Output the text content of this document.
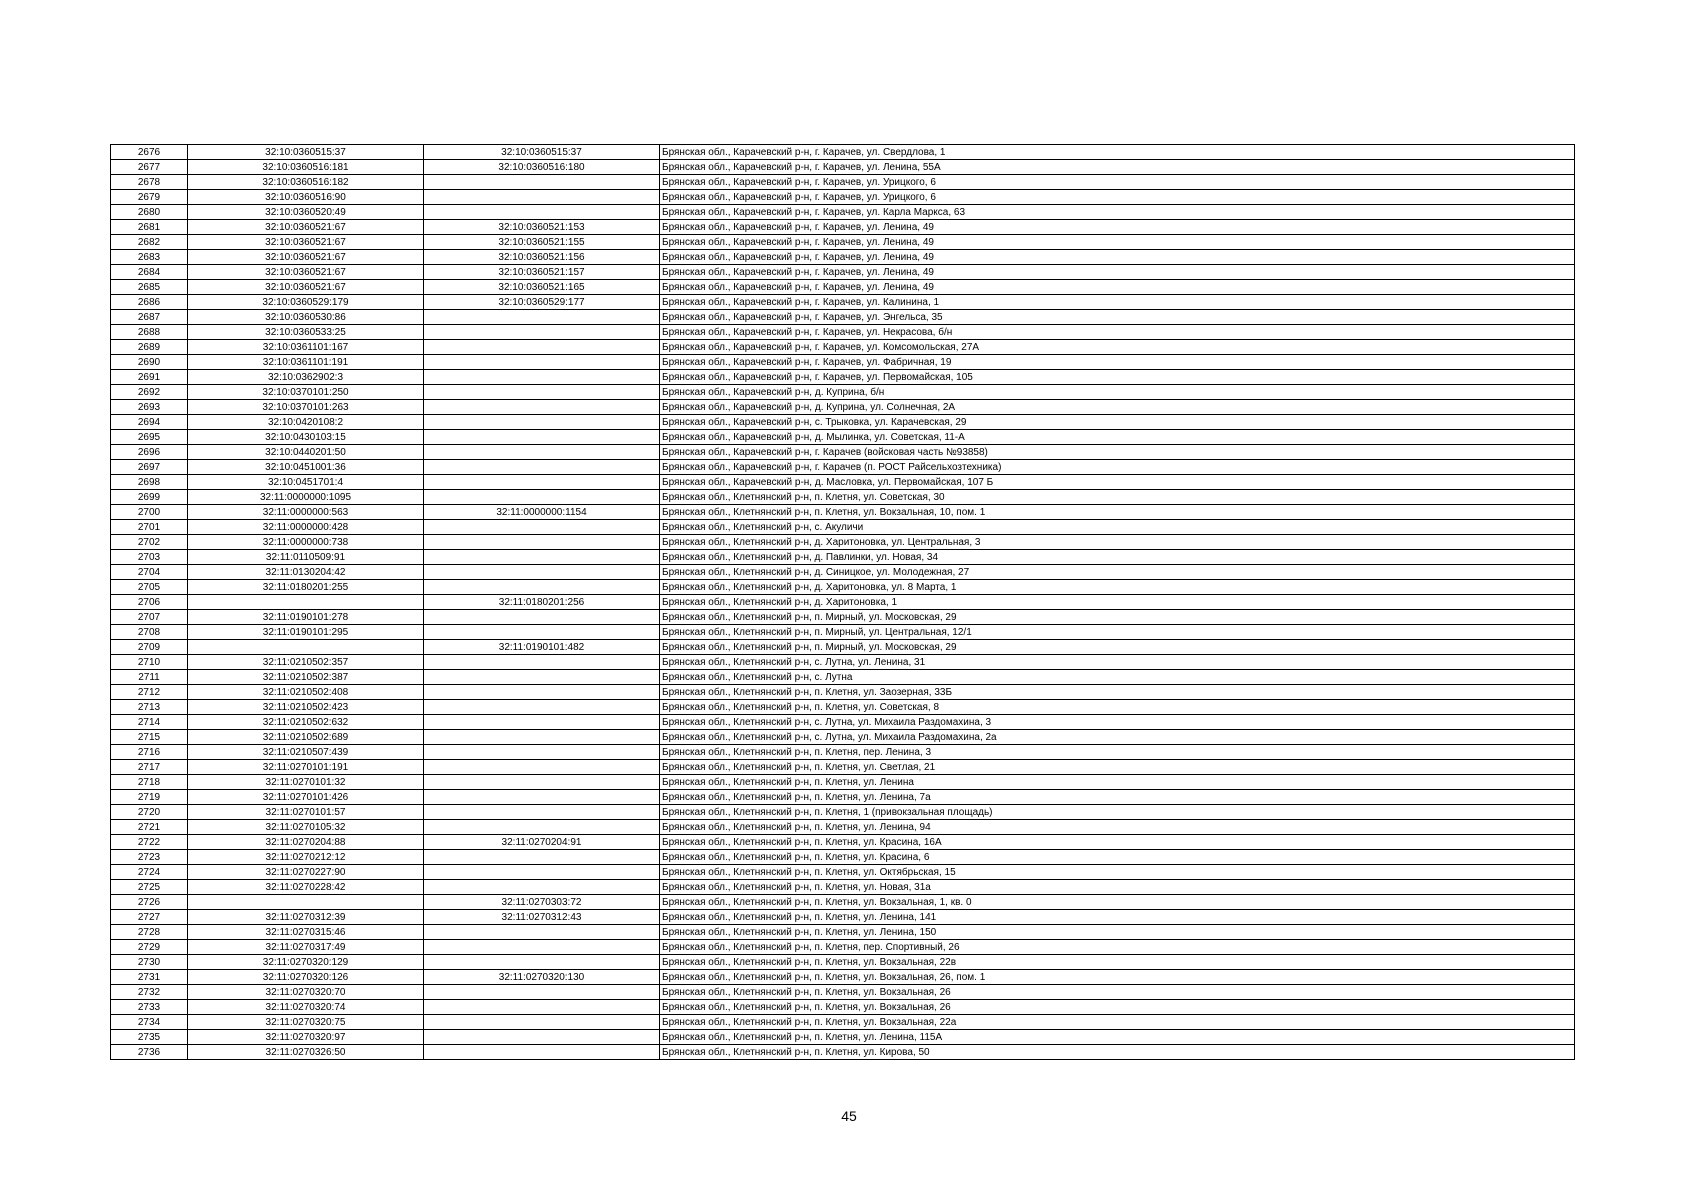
2676	32:10:0360515:37	32:10:0360515:37	Брянская обл., Карачевский р-н, г. Карачев, ул. Свердлова, 1
2677	32:10:0360516:181	32:10:0360516:180	Брянская обл., Карачевский р-н, г. Карачев, ул. Ленина, 55А
2678	32:10:0360516:182		Брянская обл., Карачевский р-н, г. Карачев, ул. Урицкого, 6
2679	32:10:0360516:90		Брянская обл., Карачевский р-н, г. Карачев, ул. Урицкого, 6
2680	32:10:0360520:49		Брянская обл., Карачевский р-н, г. Карачев, ул. Карла Маркса, 63
2681	32:10:0360521:67	32:10:0360521:153	Брянская обл., Карачевский р-н, г. Карачев, ул. Ленина, 49
2682	32:10:0360521:67	32:10:0360521:155	Брянская обл., Карачевский р-н, г. Карачев, ул. Ленина, 49
2683	32:10:0360521:67	32:10:0360521:156	Брянская обл., Карачевский р-н, г. Карачев, ул. Ленина, 49
2684	32:10:0360521:67	32:10:0360521:157	Брянская обл., Карачевский р-н, г. Карачев, ул. Ленина, 49
2685	32:10:0360521:67	32:10:0360521:165	Брянская обл., Карачевский р-н, г. Карачев, ул. Ленина, 49
2686	32:10:0360529:179	32:10:0360529:177	Брянская обл., Карачевский р-н, г. Карачев, ул. Калинина, 1
2687	32:10:0360530:86		Брянская обл., Карачевский р-н, г. Карачев, ул. Энгельса, 35
2688	32:10:0360533:25		Брянская обл., Карачевский р-н, г. Карачев, ул. Некрасова, б/н
2689	32:10:0361101:167		Брянская обл., Карачевский р-н, г. Карачев, ул. Комсомольская, 27А
2690	32:10:0361101:191		Брянская обл., Карачевский р-н, г. Карачев, ул. Фабричная, 19
2691	32:10:0362902:3		Брянская обл., Карачевский р-н, г. Карачев, ул. Первомайская, 105
2692	32:10:0370101:250		Брянская обл., Карачевский р-н, д. Куприна, б/н
2693	32:10:0370101:263		Брянская обл., Карачевский р-н, д. Куприна, ул. Солнечная, 2А
2694	32:10:0420108:2		Брянская обл., Карачевский р-н, с. Трыковка, ул. Карачевская, 29
2695	32:10:0430103:15		Брянская обл., Карачевский р-н, д. Мылинка, ул. Советская, 11-А
2696	32:10:0440201:50		Брянская обл., Карачевский р-н, г. Карачев (войсковая часть №93858)
2697	32:10:0451001:36		Брянская обл., Карачевский р-н, г. Карачев (п. РОСТ Райсельхозтехника)
2698	32:10:0451701:4		Брянская обл., Карачевский р-н, д. Масловка, ул. Первомайская, 107 Б
2699	32:11:0000000:1095		Брянская обл., Клетнянский р-н, п. Клетня, ул. Советская, 30
2700	32:11:0000000:563	32:11:0000000:1154	Брянская обл., Клетнянский р-н, п. Клетня, ул. Вокзальная, 10, пом. 1
2701	32:11:0000000:428		Брянская обл., Клетнянский р-н, с. Акуличи
2702	32:11:0000000:738		Брянская обл., Клетнянский р-н, д. Харитоновка, ул. Центральная, 3
2703	32:11:0110509:91		Брянская обл., Клетнянский р-н, д. Павлинки, ул. Новая, 34
2704	32:11:0130204:42		Брянская обл., Клетнянский р-н, д. Синицкое, ул. Молодежная, 27
2705	32:11:0180201:255		Брянская обл., Клетнянский р-н, д. Харитоновка, ул. 8 Марта, 1
2706		32:11:0180201:256	Брянская обл., Клетнянский р-н, д. Харитоновка, 1
2707	32:11:0190101:278		Брянская обл., Клетнянский р-н, п. Мирный, ул. Московская, 29
2708	32:11:0190101:295		Брянская обл., Клетнянский р-н, п. Мирный, ул. Центральная, 12/1
2709		32:11:0190101:482	Брянская обл., Клетнянский р-н, п. Мирный, ул. Московская, 29
2710	32:11:0210502:357		Брянская обл., Клетнянский р-н, с. Лутна, ул. Ленина, 31
2711	32:11:0210502:387		Брянская обл., Клетнянский р-н, с. Лутна
2712	32:11:0210502:408		Брянская обл., Клетнянский р-н, п. Клетня, ул. Заозерная, 33Б
2713	32:11:0210502:423		Брянская обл., Клетнянский р-н, п. Клетня, ул. Советская, 8
2714	32:11:0210502:632		Брянская обл., Клетнянский р-н, с. Лутна, ул. Михаила Раздомахина, 3
2715	32:11:0210502:689		Брянская обл., Клетнянский р-н, с. Лутна, ул. Михаила Раздомахина, 2а
2716	32:11:0210507:439		Брянская обл., Клетнянский р-н, п. Клетня, пер. Ленина, 3
2717	32:11:0270101:191		Брянская обл., Клетнянский р-н, п. Клетня, ул. Светлая, 21
2718	32:11:0270101:32		Брянская обл., Клетнянский р-н, п. Клетня, ул. Ленина
2719	32:11:0270101:426		Брянская обл., Клетнянский р-н, п. Клетня, ул. Ленина, 7а
2720	32:11:0270101:57		Брянская обл., Клетнянский р-н, п. Клетня, 1 (привокзальная площадь)
2721	32:11:0270105:32		Брянская обл., Клетнянский р-н, п. Клетня, ул. Ленина, 94
2722	32:11:0270204:88	32:11:0270204:91	Брянская обл., Клетнянский р-н, п. Клетня, ул. Красина, 16А
2723	32:11:0270212:12		Брянская обл., Клетнянский р-н, п. Клетня, ул. Красина, 6
2724	32:11:0270227:90		Брянская обл., Клетнянский р-н, п. Клетня, ул. Октябрьская, 15
2725	32:11:0270228:42		Брянская обл., Клетнянский р-н, п. Клетня, ул. Новая, 31а
2726		32:11:0270303:72	Брянская обл., Клетнянский р-н, п. Клетня, ул. Вокзальная, 1, кв. 0
2727	32:11:0270312:39	32:11:0270312:43	Брянская обл., Клетнянский р-н, п. Клетня, ул. Ленина, 141
2728	32:11:0270315:46		Брянская обл., Клетнянский р-н, п. Клетня, ул. Ленина, 150
2729	32:11:0270317:49		Брянская обл., Клетнянский р-н, п. Клетня, пер. Спортивный, 26
2730	32:11:0270320:129		Брянская обл., Клетнянский р-н, п. Клетня, ул. Вокзальная, 22в
2731	32:11:0270320:126	32:11:0270320:130	Брянская обл., Клетнянский р-н, п. Клетня, ул. Вокзальная, 26, пом. 1
2732	32:11:0270320:70		Брянская обл., Клетнянский р-н, п. Клетня, ул. Вокзальная, 26
2733	32:11:0270320:74		Брянская обл., Клетнянский р-н, п. Клетня, ул. Вокзальная, 26
2734	32:11:0270320:75		Брянская обл., Клетнянский р-н, п. Клетня, ул. Вокзальная, 22а
2735	32:11:0270320:97		Брянская обл., Клетнянский р-н, п. Клетня, ул. Ленина, 115А
2736	32:11:0270326:50		Брянская обл., Клетнянский р-н, п. Клетня, ул. Кирова, 50
45
